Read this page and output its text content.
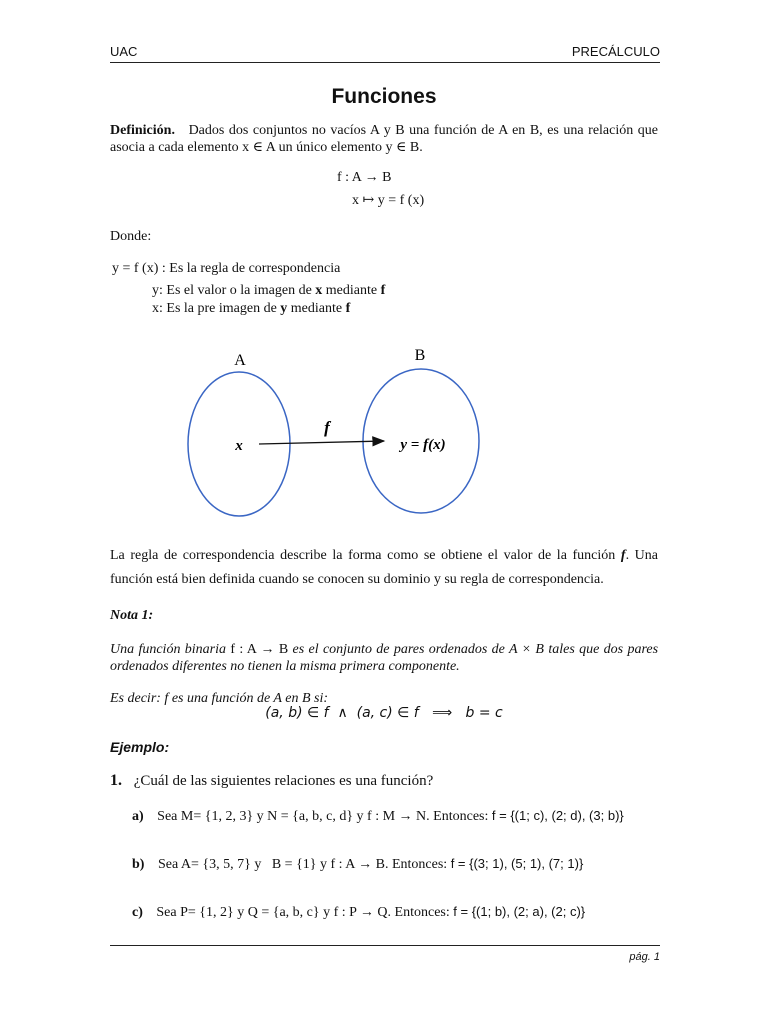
UAC	PRECÁLCULO
Funciones
Definición. Dados dos conjuntos no vacíos A y B una función de A en B, es una relación que asocia a cada elemento x ∈ A un único elemento y ∈ B.
f : A → B
x ↦ y = f (x)
Donde:
y = f (x) : Es la regla de correspondencia
y: Es el valor o la imagen de x mediante f
x: Es la pre imagen de y mediante f
A	B
x
f
y = f(x)
La regla de correspondencia describe la forma como se obtiene el valor de la función f. Una función está bien definida cuando se conocen su dominio y su regla de correspondencia.
Nota 1:
Una función binaria f : A → B es el conjunto de pares ordenados de A × B tales que dos pares ordenados diferentes no tienen la misma primera componente.
Es decir: f es una función de A en B si:
(a, b) ∈ f  ∧  (a, c) ∈ f   ⟹   b = c
Ejemplo:
1. ¿Cuál de las siguientes relaciones es una función?
a) Sea M= {1, 2, 3} y N = {a, b, c, d} y f : M → N. Entonces: f = {(1; c), (2; d), (3; b)}
b) Sea A= {3, 5, 7} y   B = {1} y f : A → B. Entonces: f = {(3; 1), (5; 1), (7; 1)}
c) Sea P= {1, 2} y Q = {a, b, c} y f : P → Q. Entonces: f = {(1; b), (2; a), (2; c)}
pág. 1
